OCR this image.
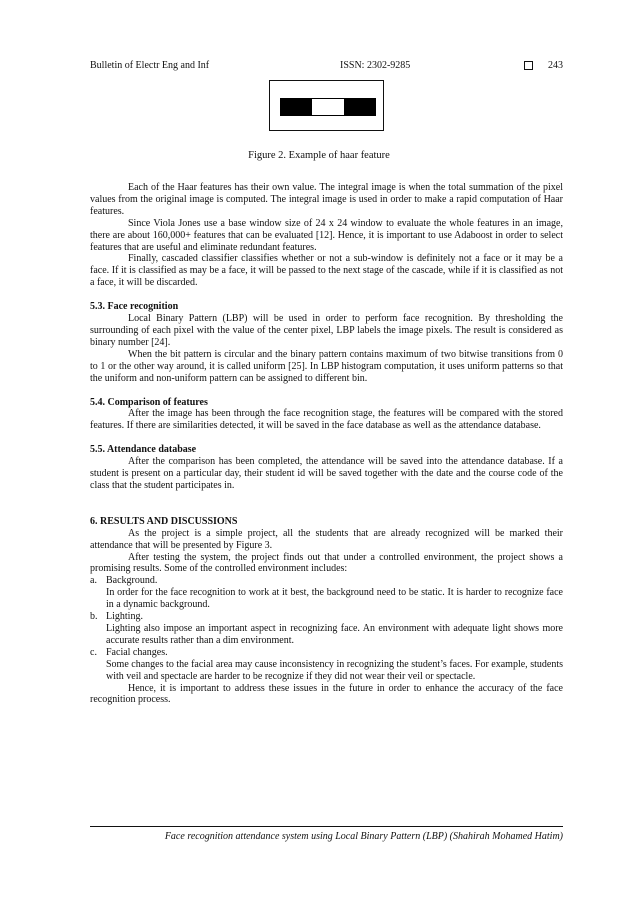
Bulletin of Electr Eng and Inf	ISSN: 2302-9285	243
Figure 2. Example of haar feature

Each of the Haar features has their own value. The integral image is when the total summation of the pixel values from the original image is computed. The integral image is used in order to make a rapid computation of Haar features.

Since Viola Jones use a base window size of 24 x 24 window to evaluate the whole features in an image, there are about 160,000+ features that can be evaluated [12]. Hence, it is important to use Adaboost in order to select features that are useful and eliminate redundant features.

Finally, cascaded classifier classifies whether or not a sub-window is definitely not a face or it may be a face. If it is classified as may be a face, it will be passed to the next stage of the cascade, while if it is classified as not a face, it will be discarded.

5.3. Face recognition

Local Binary Pattern (LBP) will be used in order to perform face recognition. By thresholding the surrounding of each pixel with the value of the center pixel, LBP labels the image pixels. The result is considered as binary number [24].

When the bit pattern is circular and the binary pattern contains maximum of two bitwise transitions from 0 to 1 or the other way around, it is called uniform [25]. In LBP histogram computation, it uses uniform patterns so that the uniform and non-uniform pattern can be assigned to different bin.

5.4. Comparison of features

After the image has been through the face recognition stage, the features will be compared with the stored features. If there are similarities detected, it will be saved in the face database as well as the attendance database.

5.5. Attendance database

After the comparison has been completed, the attendance will be saved into the attendance database. If a student is present on a particular day, their student id will be saved together with the date and the course code of the class that the student participates in.

6. RESULTS AND DISCUSSIONS

As the project is a simple project, all the students that are already recognized will be marked their attendance that will be presented by Figure 3.

After testing the system, the project finds out that under a controlled environment, the project shows a promising results. Some of the controlled environment includes:

a. Background.

In order for the face recognition to work at it best, the background need to be static. It is harder to recognize face in a dynamic background.

b. Lighting.

Lighting also impose an important aspect in recognizing face. An environment with adequate light shows more accurate results rather than a dim environment.

c. Facial changes.

Some changes to the facial area may cause inconsistency in recognizing the student’s faces. For example, students with veil and spectacle are harder to be recognize if they did not wear their veil or spectacle.

Hence, it is important to address these issues in the future in order to enhance the accuracy of the face recognition process.

Face recognition attendance system using Local Binary Pattern (LBP) (Shahirah Mohamed Hatim)
